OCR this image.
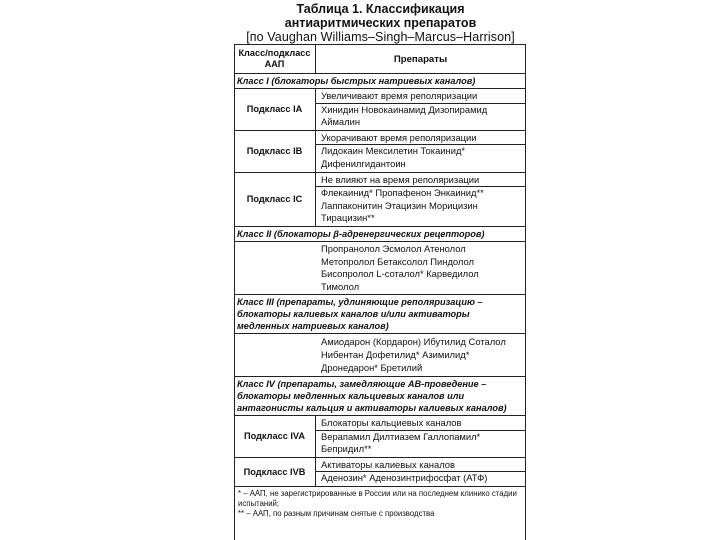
Таблица 1. Классификация
антиаритмических препаратов
[по Vaughan Williams–Singh–Marcus–Harrison]
Класс/подкласс ААП	Препараты
Класс I (блокаторы быстрых натриевых каналов)
Подкласс IA
Увеличивают время реполяризации
Хинидин Новокаинамид Дизопирамид
Аймалин
Подкласс IB
Укорачивают время реполяризации
Лидокаин Мексилетин Токаинид*
Дифенилгидантоин
Подкласс IC
Не влияют на время реполяризации
Флекаинид* Пропафенон Энкаинид**
Лаппаконитин Этацизин Морицизин
Тирацизин**
Класс II (блокаторы β-адренергических рецепторов)
Пропранолол Эсмолол Атенолол
Метопролол Бетаксолол Пиндолол
Бисопролол L-соталол* Карведилол
Тимолол
Класс III (препараты, удлиняющие реполяризацию – блокаторы калиевых каналов и/или активаторы медленных натриевых каналов)
Амиодарон (Кордарон) Ибутилид Соталол
Нибентан Дофетилид* Азимилид*
Дронедарон* Бретилий
Класс IV (препараты, замедляющие АВ-проведение – блокаторы медленных кальциевых каналов или антагонисты кальция и активаторы калиевых каналов)
Подкласс IVA
Блокаторы кальциевых каналов
Верапамил Дилтиазем Галлопамил*
Бепридил**
Подкласс IVB
Активаторы калиевых каналов
Аденозин* Аденозинтрифосфат (АТФ)
* – ААП, не зарегистрированные в России или на последнем клинико стадии испытаний;
** – ААП, по разным причинам снятые с производства
